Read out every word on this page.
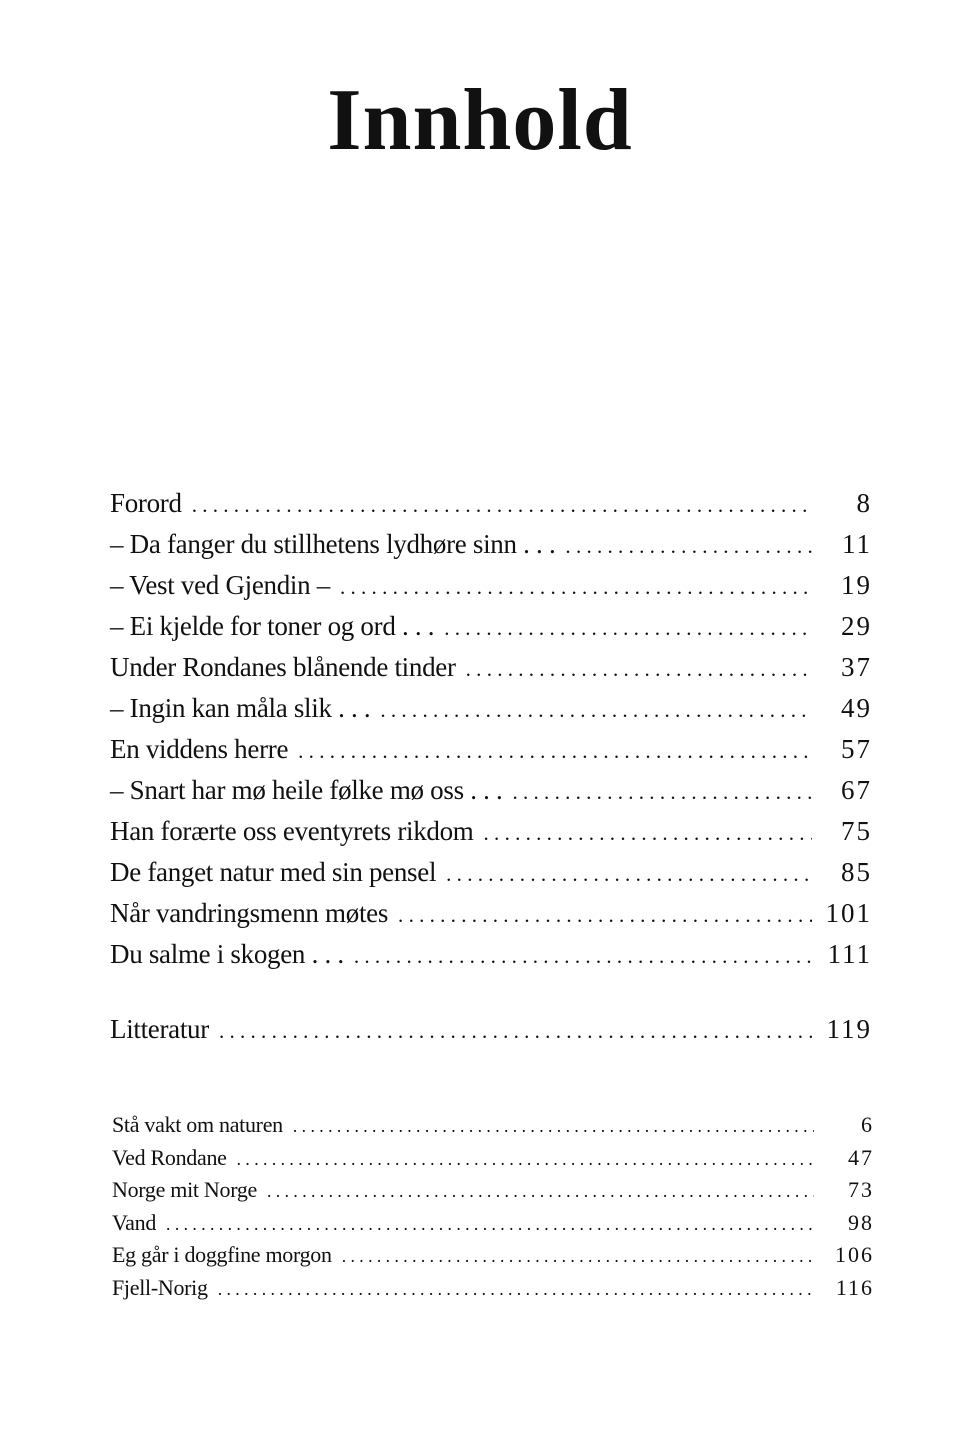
Innhold
Forord . . .	8
– Da fanger du stillhetens lydhøre sinn . . . . . .	11
– Vest ved Gjendin – . . .	19
– Ei kjelde for toner og ord . . . . . .	29
Under Rondanes blånende tinder . . .	37
– Ingin kan måla slik . . . . . .	49
En viddens herre . . .	57
– Snart har mø heile følke mø oss . . . . . .	67
Han forærte oss eventyrets rikdom . . .	75
De fanget natur med sin pensel . . .	85
Når vandringsmenn møtes . . .	101
Du salme i skogen . . . . . .	111
Litteratur . . .	119
Stå vakt om naturen . . .	6
Ved Rondane . . .	47
Norge mit Norge . . .	73
Vand . . .	98
Eg går i doggfine morgon . . .	106
Fjell-Norig . . .	116
